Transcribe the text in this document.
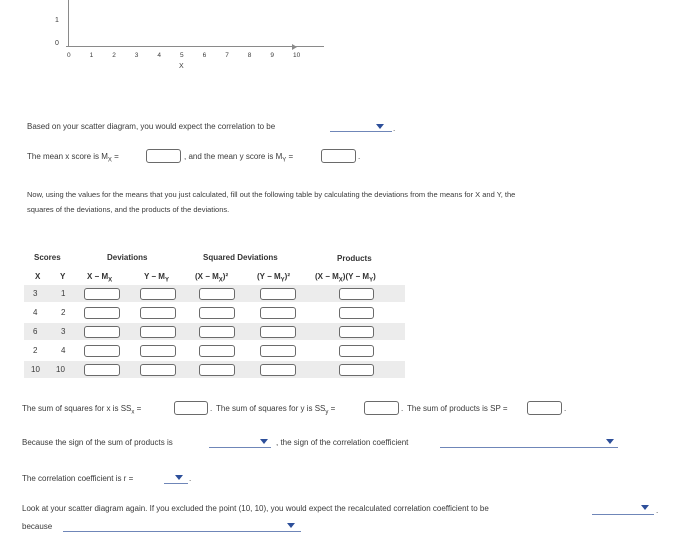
1
0
0	1	2	3	4	5	6	7	8	9	10
X
Based on your scatter diagram, you would expect the correlation to be	.
The mean x score is $M_X$ =	, and the mean y score is $M_Y$ =	.
Now, using the values for the means that you just calculated, fill out the following table by calculating the deviations from the means for X and Y, the
squares of the deviations, and the products of the deviations.
Scores	Deviations	Squared Deviations	Products
X Y	$X - M_X$	$Y - M_Y$	$(X - M_X)^2$	$(Y - M_Y)^2$	$(X - M_X)(Y - M_Y)$
3	1
4	2
6	3
2	4
10 10
The sum of squares for x is $SS_x$ =	. The sum of squares for y is $SS_y$ =	. The sum of products is SP =	.
Because the sign of the sum of products is	, the sign of the correlation coefficient
The correlation coefficient is r =	.
Look at your scatter diagram again. If you excluded the point (10, 10), you would expect the recalculated correlation coefficient to be	.
because
